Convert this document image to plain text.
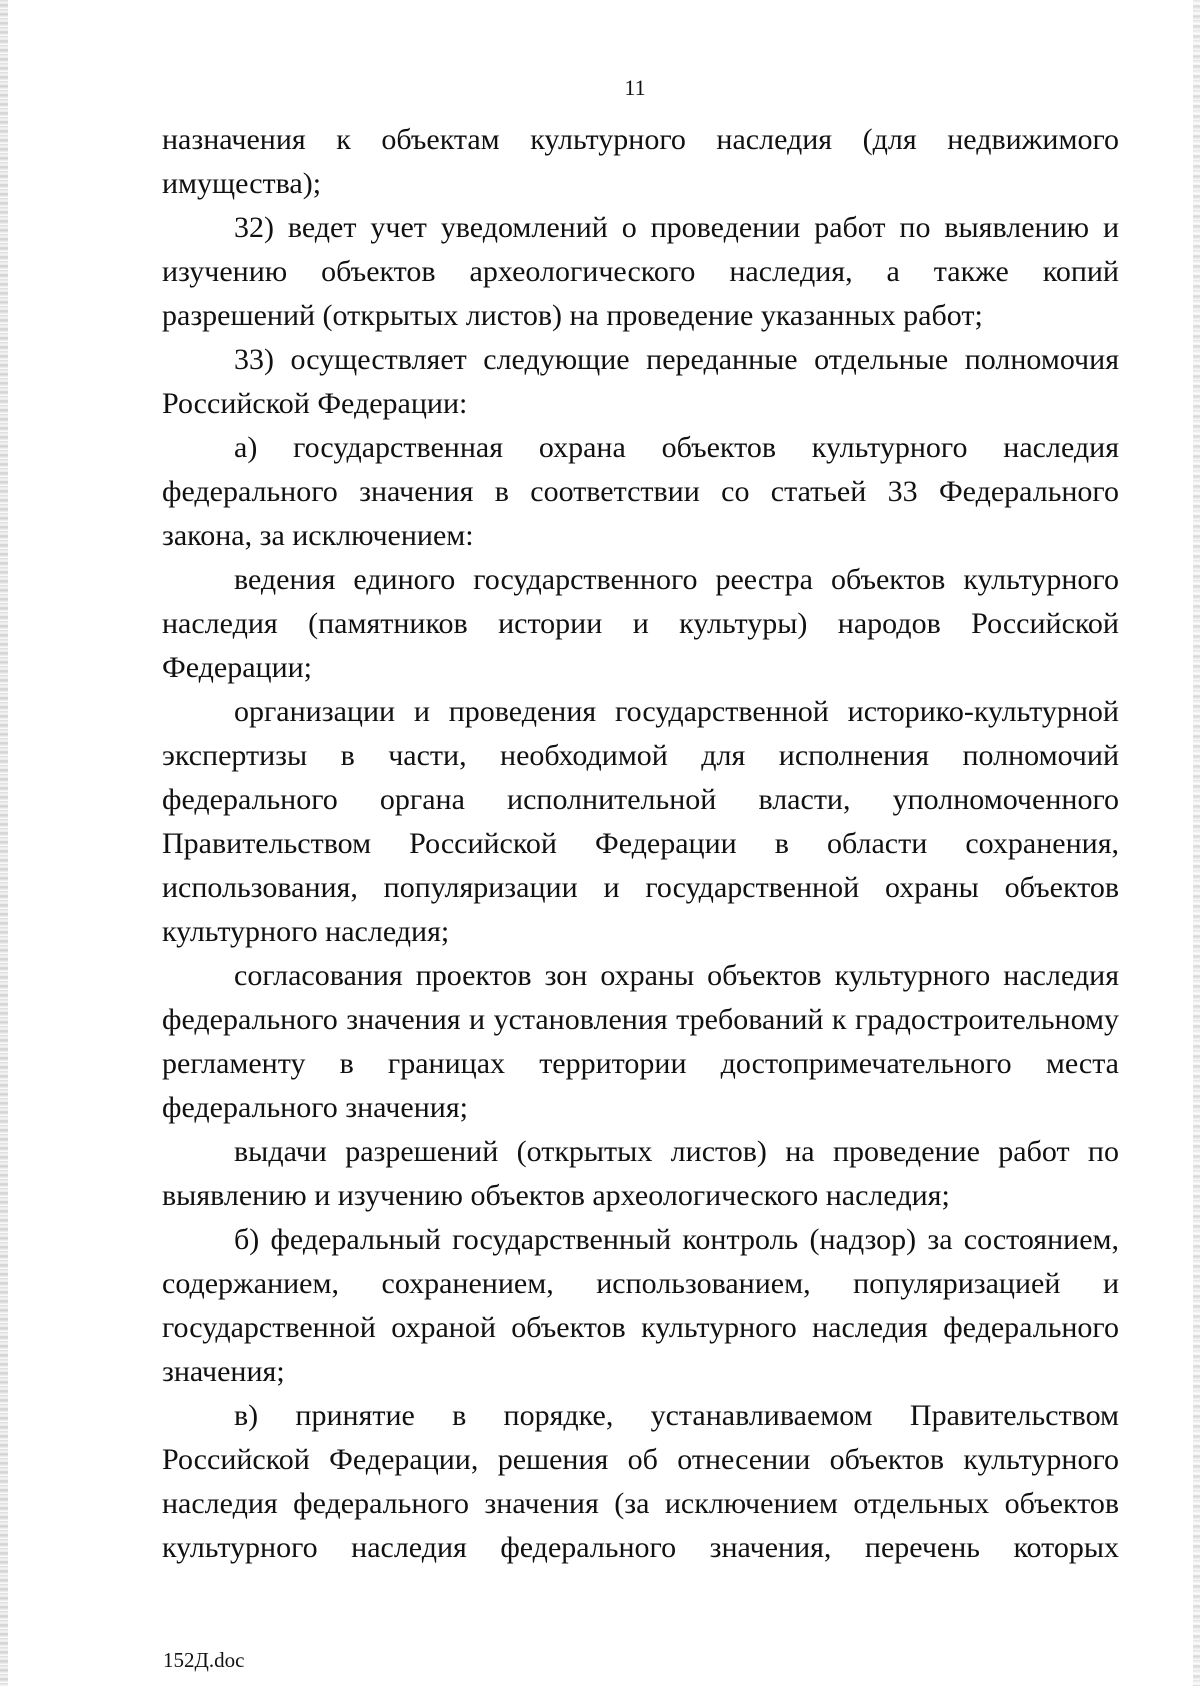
11

назначения к объектам культурного наследия (для недвижимого имущества);

32) ведет учет уведомлений о проведении работ по выявлению и изучению объектов археологического наследия, а также копий разрешений (открытых листов) на проведение указанных работ;

33) осуществляет следующие переданные отдельные полномочия Российской Федерации:

а) государственная охрана объектов культурного наследия федерального значения в соответствии со статьей 33 Федерального закона, за исключением:

ведения единого государственного реестра объектов культурного наследия (памятников истории и культуры) народов Российской Федерации;

организации и проведения государственной историко-культурной экспертизы в части, необходимой для исполнения полномочий федерального органа исполнительной власти, уполномоченного Правительством Российской Федерации в области сохранения, использования, популяризации и государственной охраны объектов культурного наследия;

согласования проектов зон охраны объектов культурного наследия федерального значения и установления требований к градостроительному регламенту в границах территории достопримечательного места федерального значения;

выдачи разрешений (открытых листов) на проведение работ по выявлению и изучению объектов археологического наследия;

б) федеральный государственный контроль (надзор) за состоянием, содержанием, сохранением, использованием, популяризацией и государственной охраной объектов культурного наследия федерального значения;

в) принятие в порядке, устанавливаемом Правительством Российской Федерации, решения об отнесении объектов культурного наследия федерального значения (за исключением отдельных объектов культурного наследия федерального значения, перечень которых

152Д.doc
